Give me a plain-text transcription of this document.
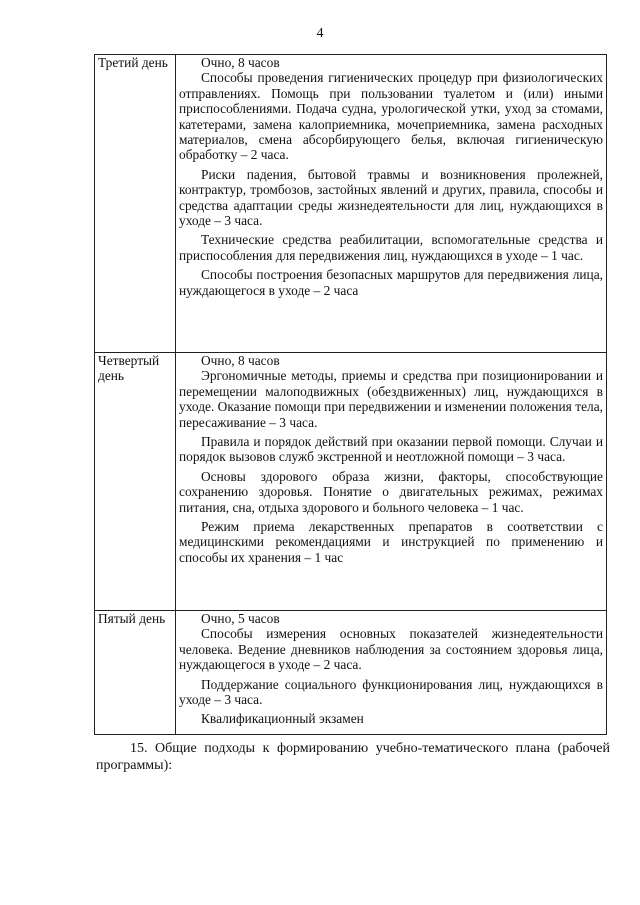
4
Третий день	Очно, 8 часов
Способы проведения гигиенических процедур при физиологических отправлениях. Помощь при пользовании туалетом и (или) иными приспособлениями. Подача судна, урологической утки, уход за стомами, катетерами, замена калоприемника, мочеприемника, замена расходных материалов, смена абсорбирующего белья, включая гигиеническую обработку – 2 часа.
Риски падения, бытовой травмы и возникновения пролежней, контрактур, тромбозов, застойных явлений и других, правила, способы и средства адаптации среды жизнедеятельности для лиц, нуждающихся в уходе – 3 часа.
Технические средства реабилитации, вспомогательные средства и приспособления для передвижения лиц, нуждающихся в уходе – 1 час.
Способы построения безопасных маршрутов для передвижения лица, нуждающегося в уходе – 2 часа

Четвертый день	Очно, 8 часов
Эргономичные методы, приемы и средства при позиционировании и перемещении малоподвижных (обездвиженных) лиц, нуждающихся в уходе. Оказание помощи при передвижении и изменении положения тела, пересаживание – 3 часа.
Правила и порядок действий при оказании первой помощи. Случаи и порядок вызовов служб экстренной и неотложной помощи – 3 часа.
Основы здорового образа жизни, факторы, способствующие сохранению здоровья. Понятие о двигательных режимах, режимах питания, сна, отдыха здорового и больного человека – 1 час.
Режим приема лекарственных препаратов в соответствии с медицинскими рекомендациями и инструкцией по применению и способы их хранения – 1 час

Пятый день	Очно, 5 часов
Способы измерения основных показателей жизнедеятельности человека. Ведение дневников наблюдения за состоянием здоровья лица, нуждающегося в уходе – 2 часа.
Поддержание социального функционирования лиц, нуждающихся в уходе – 3 часа.
Квалификационный экзамен
15. Общие подходы к формированию учебно-тематического плана (рабочей программы):
